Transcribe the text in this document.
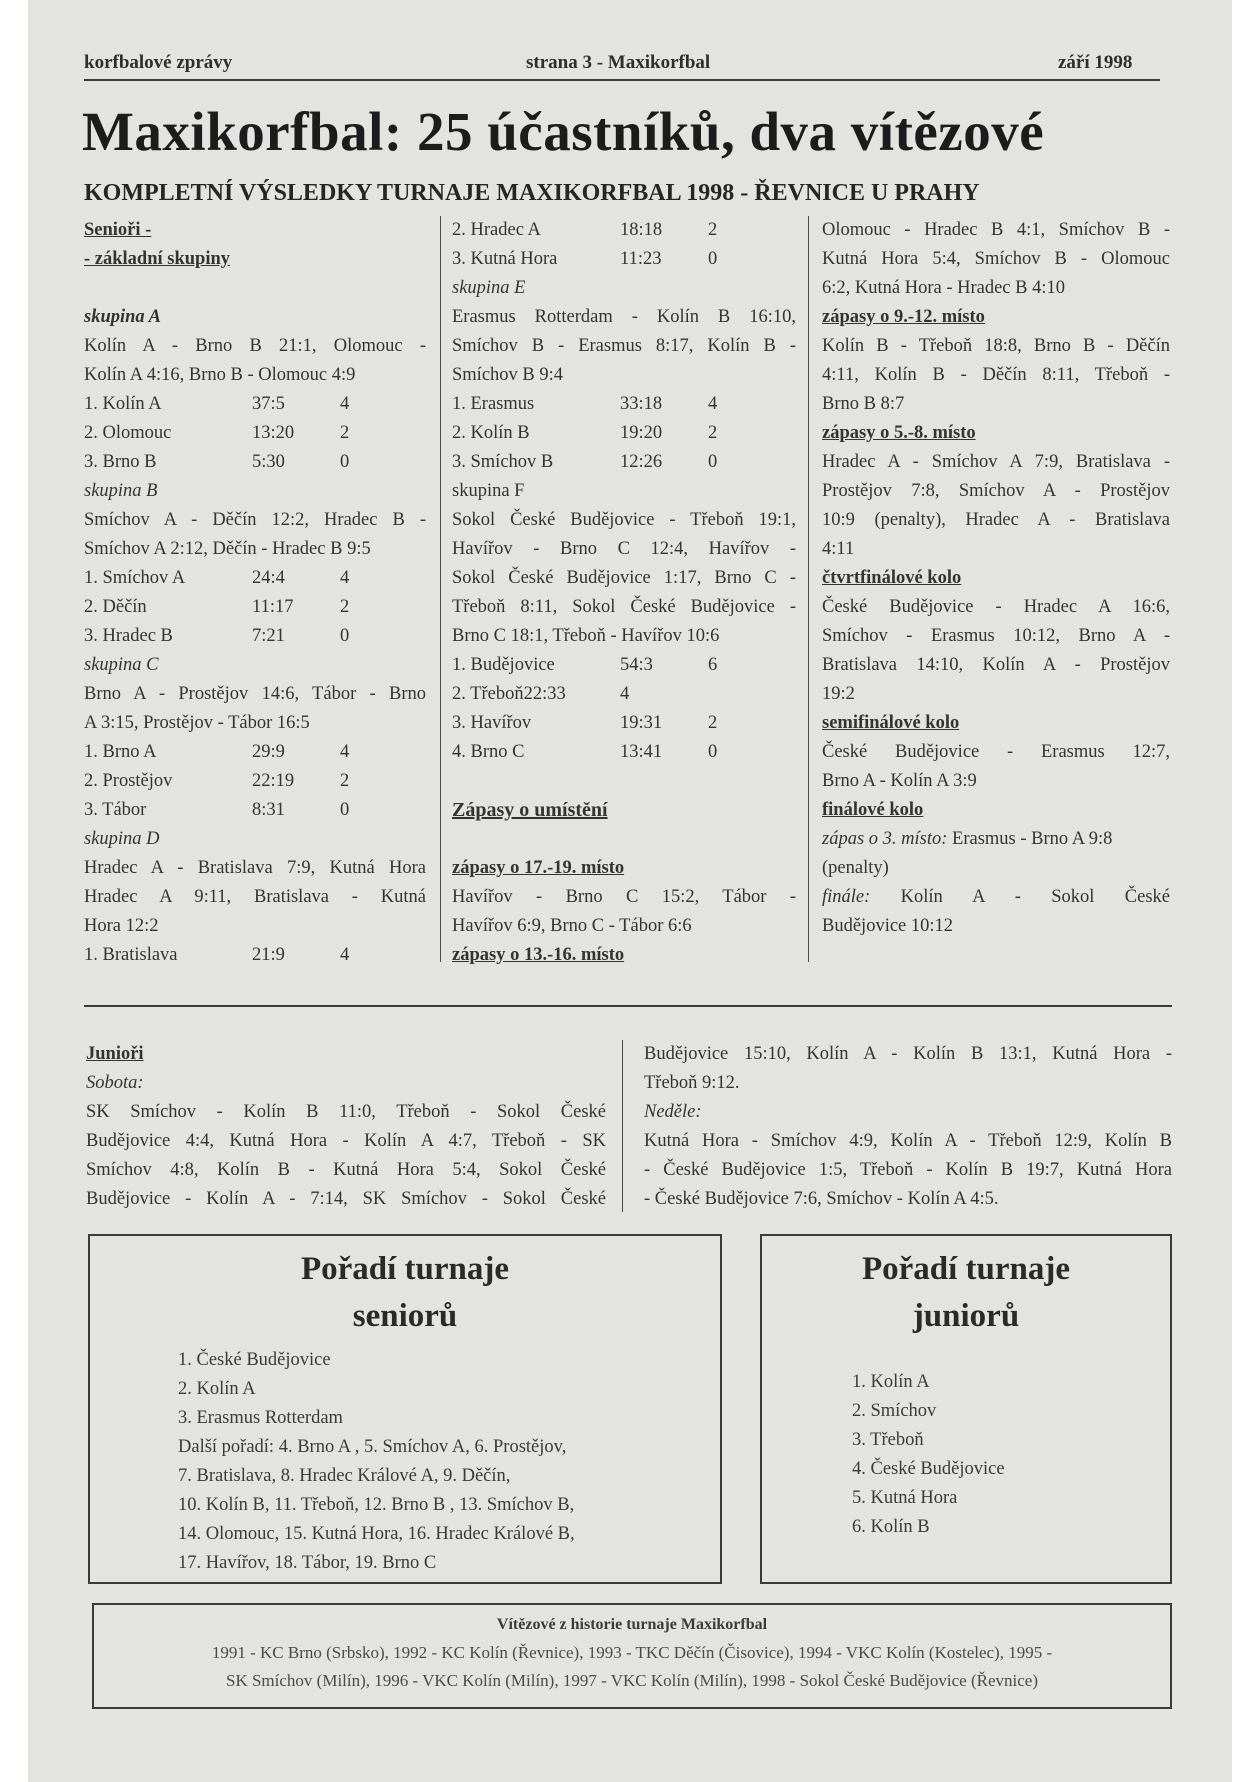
korfbalové zprávy	strana 3 - Maxikorfbal	září 1998
Maxikorfbal: 25 účastníků, dva vítězové
KOMPLETNÍ VÝSLEDKY TURNAJE MAXIKORFBAL 1998 - ŘEVNICE U PRAHY

Senioři -

- základní skupiny

skupina A

Kolín A - Brno B 21:1, Olomouc -

Kolín A 4:16, Brno B - Olomouc 4:9

1. Kolín A	37:5	4
2. Olomouc	13:20	2
3. Brno B	5:30	0

skupina B

Smíchov A - Děčín 12:2, Hradec B -

Smíchov A 2:12, Děčín - Hradec B 9:5

1. Smíchov A	24:4	4
2. Děčín	11:17	2
3. Hradec B	7:21	0

skupina C

Brno A - Prostějov 14:6, Tábor - Brno

A 3:15, Prostějov - Tábor 16:5

1. Brno A	29:9	4
2. Prostějov	22:19	2
3. Tábor	8:31	0

skupina D

Hradec A - Bratislava 7:9, Kutná Hora

Hradec A 9:11, Bratislava - Kutná

Hora 12:2

1. Bratislava	21:9	4
2. Hradec A	18:18	2
3. Kutná Hora	11:23	0

skupina E

Erasmus Rotterdam - Kolín B 16:10,

Smíchov B - Erasmus 8:17, Kolín B -

Smíchov B 9:4

1. Erasmus	33:18	4
2. Kolín B	19:20	2
3. Smíchov B	12:26	0

skupina F

Sokol České Budějovice - Třeboň 19:1,

Havířov - Brno C 12:4, Havířov -

Sokol České Budějovice 1:17, Brno C -

Třeboň 8:11, Sokol České Budějovice -

Brno C 18:1, Třeboň - Havířov 10:6

1. Budějovice	54:3	6
2. Třeboň22:33	4
3. Havířov	19:31	2
4. Brno C	13:41	0

Zápasy o umístění

zápasy o 17.-19. místo

Havířov - Brno C 15:2, Tábor -

Havířov 6:9, Brno C - Tábor 6:6

zápasy o 13.-16. místo

Olomouc - Hradec B 4:1, Smíchov B -

Kutná Hora 5:4, Smíchov B - Olomouc

6:2, Kutná Hora - Hradec B 4:10

zápasy o 9.-12. místo

Kolín B - Třeboň 18:8, Brno B - Děčín

4:11, Kolín B - Děčín 8:11, Třeboň -

Brno B 8:7

zápasy o 5.-8. místo

Hradec A - Smíchov A 7:9, Bratislava -

Prostějov 7:8, Smíchov A - Prostějov

10:9 (penalty), Hradec A - Bratislava

4:11

čtvrtfinálové kolo

České Budějovice - Hradec A 16:6,

Smíchov - Erasmus 10:12, Brno A -

Bratislava 14:10, Kolín A - Prostějov

19:2

semifinálové kolo

České Budějovice - Erasmus 12:7,

Brno A - Kolín A 3:9

finálové kolo

zápas o 3. místo: Erasmus - Brno A 9:8

(penalty)

finále: Kolín A - Sokol České

Budějovice 10:12

Junioři

Sobota:

SK Smíchov - Kolín B 11:0, Třeboň - Sokol České

Budějovice 4:4, Kutná Hora - Kolín A 4:7, Třeboň - SK

Smíchov 4:8, Kolín B - Kutná Hora 5:4, Sokol České

Budějovice - Kolín A - 7:14, SK Smíchov - Sokol České

Budějovice 15:10, Kolín A - Kolín B 13:1, Kutná Hora -

Třeboň 9:12.

Neděle:

Kutná Hora - Smíchov 4:9, Kolín A - Třeboň 12:9, Kolín B

- České Budějovice 1:5, Třeboň - Kolín B 19:7, Kutná Hora

- České Budějovice 7:6, Smíchov - Kolín A 4:5.

Pořadí turnaje
seniorů

1. České Budějovice

2. Kolín A

3. Erasmus Rotterdam

Další pořadí: 4. Brno A , 5. Smíchov A, 6. Prostějov,

7. Bratislava, 8. Hradec Králové A, 9. Děčín,

10. Kolín B, 11. Třeboň, 12. Brno B , 13. Smíchov B,

14. Olomouc, 15. Kutná Hora, 16. Hradec Králové B,

17. Havířov, 18. Tábor, 19. Brno C

Pořadí turnaje
juniorů

1. Kolín A

2. Smíchov

3. Třeboň

4. České Budějovice

5. Kutná Hora

6. Kolín B

Vítězové z historie turnaje Maxikorfbal
1991 - KC Brno (Srbsko), 1992 - KC Kolín (Řevnice), 1993 - TKC Děčín (Čisovice), 1994 - VKC Kolín (Kostelec), 1995 -
SK Smíchov (Milín), 1996 - VKC Kolín (Milín), 1997 - VKC Kolín (Milín), 1998 - Sokol České Budějovice (Řevnice)
